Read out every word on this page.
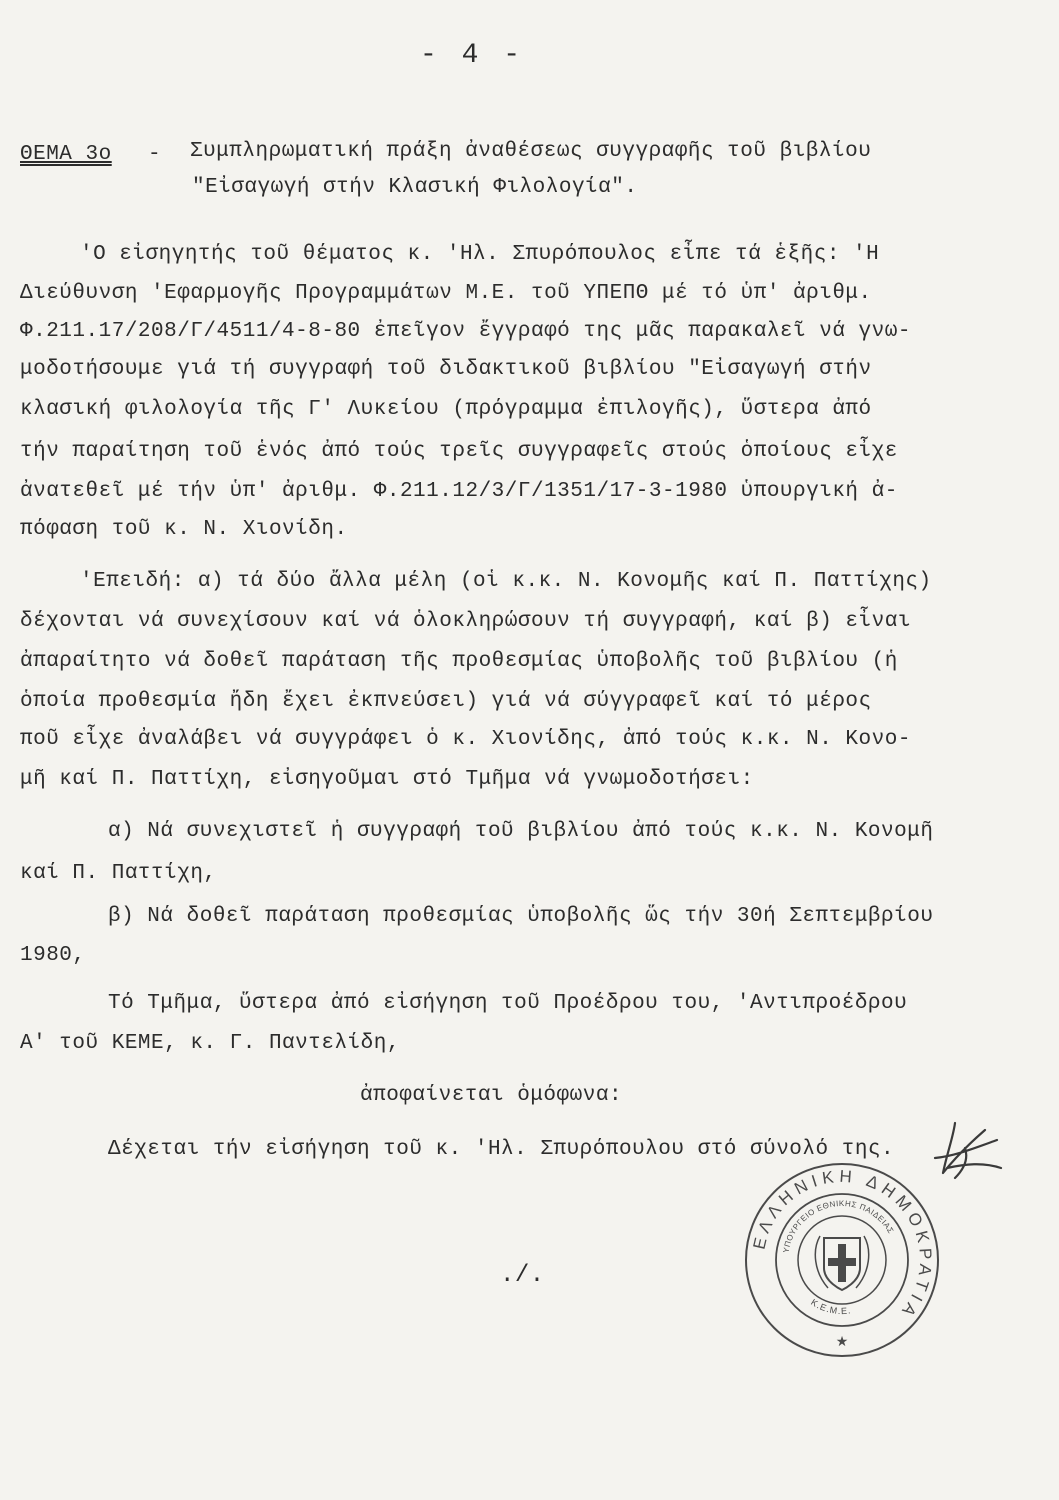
- 4 -
ΘΕΜΑ 3ο - Συμπληρωματική πράξη ἀναθέσεως συγγραφῆς τοῦ βιβλίου
"Εἰσαγωγή στήν Κλασική Φιλολογία".
'Ο εἰσηγητής τοῦ θέματος κ. 'Ηλ. Σπυρόπουλος εἶπε τά ἑξῆς: 'Η
Διεύθυνση 'Εφαρμογῆς Προγραμμάτων Μ.Ε. τοῦ ΥΠΕΠΘ μέ τό ὑπ' ἀριθμ.
Φ.211.17/208/Γ/4511/4-8-80 ἐπεῖγον ἔγγραφό της μᾶς παρακαλεῖ νά γνω-
μοδοτήσουμε γιά τή συγγραφή τοῦ διδακτικοῦ βιβλίου "Εἰσαγωγή στήν
κλασική φιλολογία τῆς Γ' Λυκείου (πρόγραμμα ἐπιλογῆς), ὕστερα ἀπό
τήν παραίτηση τοῦ ἑνός ἀπό τούς τρεῖς συγγραφεῖς στούς ὁποίους εἶχε
ἀνατεθεῖ μέ τήν ὑπ' ἀριθμ. Φ.211.12/3/Γ/1351/17-3-1980 ὑπουργική ἀ-
πόφαση τοῦ κ. Ν. Χιονίδη.
'Επειδή: α) τά δύο ἄλλα μέλη (οἱ κ.κ. Ν. Κονομῆς καί Π. Παττίχης)
δέχονται νά συνεχίσουν καί νά ὁλοκληρώσουν τή συγγραφή, καί β) εἶναι
ἀπαραίτητο νά δοθεῖ παράταση τῆς προθεσμίας ὑποβολῆς τοῦ βιβλίου (ἡ
ὁποία προθεσμία ἤδη ἔχει ἐκπνεύσει) γιά νά σύγγραφεῖ καί τό μέρος
ποῦ εἶχε ἀναλάβει νά συγγράφει ὁ κ. Χιονίδης, ἀπό τούς κ.κ. Ν. Κονο-
μῆ καί Π. Παττίχη, εἰσηγοῦμαι στό Τμῆμα νά γνωμοδοτήσει:
α) Νά συνεχιστεῖ ἡ συγγραφή τοῦ βιβλίου ἀπό τούς κ.κ. Ν. Κονομῆ
καί Π. Παττίχη,
β) Νά δοθεῖ παράταση προθεσμίας ὑποβολῆς ὥς τήν 30ή Σεπτεμβρίου
1980,
Τό Τμῆμα, ὕστερα ἀπό εἰσήγηση τοῦ Προέδρου του, 'Αντιπροέδρου
Α' τοῦ ΚΕΜΕ, κ. Γ. Παντελίδη,
ἀποφαίνεται ὁμόφωνα:
Δέχεται τήν εἰσήγηση τοῦ κ. 'Ηλ. Σπυρόπουλου στό σύνολό της.
./.
ΕΛΛΗΝΙΚΗ ΔΗΜΟΚΡΑΤΙΑ
ΥΠΟΥΡΓΕΙΟ ΕΘΝΙΚΗΣ ΠΑΙΔΕΙΑΣ
Κ.Ε.Μ.Ε.
★
